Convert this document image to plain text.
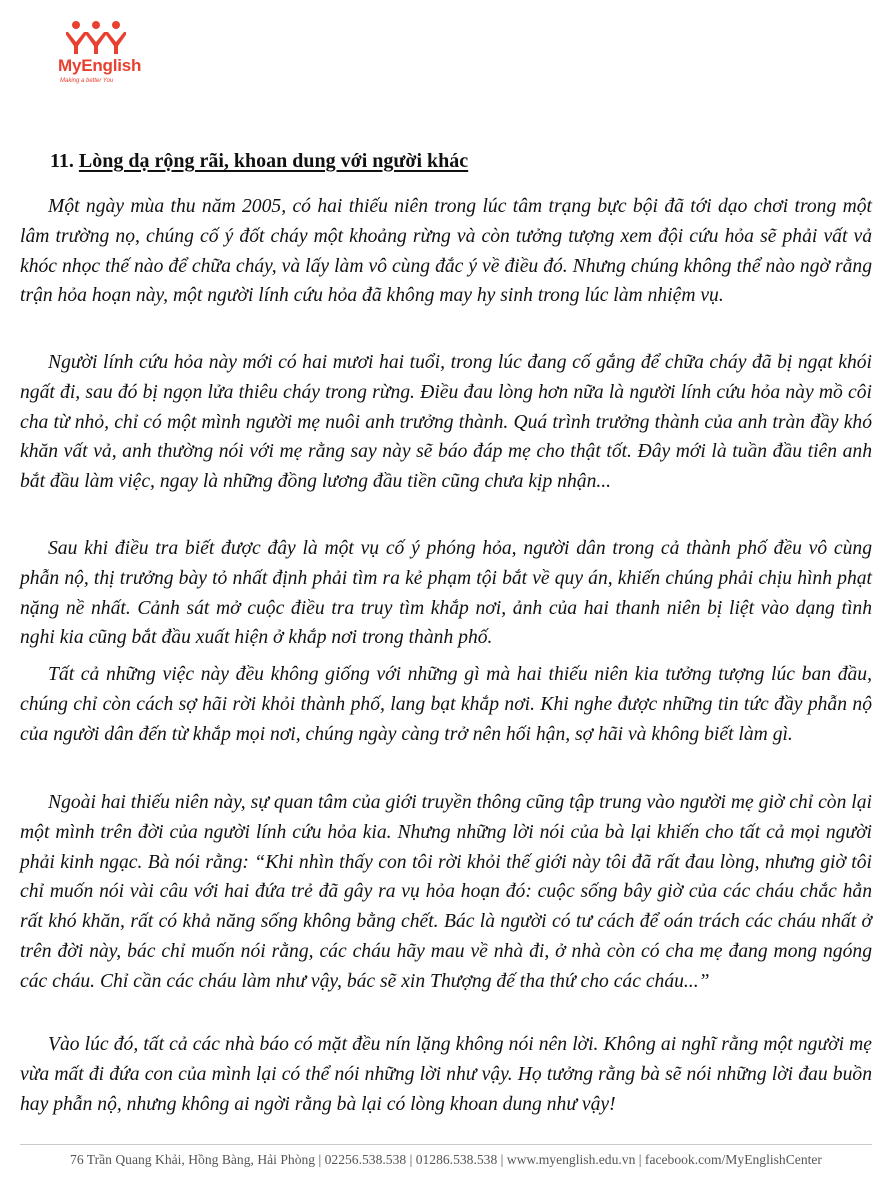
MyEnglish
Making a better You
11. Lòng dạ rộng rãi, khoan dung với người khác

Một ngày mùa thu năm 2005, có hai thiếu niên trong lúc tâm trạng bực bội đã tới dạo chơi trong một lâm trường nọ, chúng cố ý đốt cháy một khoảng rừng và còn tưởng tượng xem đội cứu hỏa sẽ phải vất vả khóc nhọc thế nào để chữa cháy, và lấy làm vô cùng đắc ý về điều đó. Nhưng chúng không thể nào ngờ rằng trận hỏa hoạn này, một người lính cứu hỏa đã không may hy sinh trong lúc làm nhiệm vụ.

Người lính cứu hỏa này mới có hai mươi hai tuổi, trong lúc đang cố gắng để chữa cháy đã bị ngạt khói ngất đi, sau đó bị ngọn lửa thiêu cháy trong rừng. Điều đau lòng hơn nữa là người lính cứu hỏa này mồ côi cha từ nhỏ, chỉ có một mình người mẹ nuôi anh trưởng thành. Quá trình trưởng thành của anh tràn đầy khó khăn vất vả, anh thường nói với mẹ rằng say này sẽ báo đáp mẹ cho thật tốt. Đây mới là tuần đầu tiên anh bắt đầu làm việc, ngay là những đồng lương đầu tiền cũng chưa kịp nhận...

Sau khi điều tra biết được đây là một vụ cố ý phóng hỏa, người dân trong cả thành phố đều vô cùng phẫn nộ, thị trưởng bày tỏ nhất định phải tìm ra kẻ phạm tội bắt về quy án, khiến chúng phải chịu hình phạt nặng nề nhất. Cảnh sát mở cuộc điều tra truy tìm khắp nơi, ảnh của hai thanh niên bị liệt vào dạng tình nghi kia cũng bắt đầu xuất hiện ở khắp nơi trong thành phố.

Tất cả những việc này đều không giống với những gì mà hai thiếu niên kia tưởng tượng lúc ban đầu, chúng chỉ còn cách sợ hãi rời khỏi thành phố, lang bạt khắp nơi. Khi nghe được những tin tức đầy phẫn nộ của người dân đến từ khắp mọi nơi, chúng ngày càng trở nên hối hận, sợ hãi và không biết làm gì.

Ngoài hai thiếu niên này, sự quan tâm của giới truyền thông cũng tập trung vào người mẹ giờ chỉ còn lại một mình trên đời của người lính cứu hỏa kia. Nhưng những lời nói của bà lại khiến cho tất cả mọi người phải kinh ngạc. Bà nói rằng: “Khi nhìn thấy con tôi rời khỏi thế giới này tôi đã rất đau lòng, nhưng giờ tôi chỉ muốn nói vài câu với hai đứa trẻ đã gây ra vụ hỏa hoạn đó: cuộc sống bây giờ của các cháu chắc hẳn rất khó khăn, rất có khả năng sống không bằng chết. Bác là người có tư cách để oán trách các cháu nhất ở trên đời này, bác chỉ muốn nói rằng, các cháu hãy mau về nhà đi, ở nhà còn có cha mẹ đang mong ngóng các cháu. Chỉ cần các cháu làm như vậy, bác sẽ xin Thượng đế tha thứ cho các cháu...”

Vào lúc đó, tất cả các nhà báo có mặt đều nín lặng không nói nên lời. Không ai nghĩ rằng một người mẹ vừa mất đi đứa con của mình lại có thể nói những lời như vậy. Họ tưởng rằng bà sẽ nói những lời đau buồn hay phẫn nộ, nhưng không ai ngời rằng bà lại có lòng khoan dung như vậy!

76 Trần Quang Khải, Hồng Bàng, Hải Phòng | 02256.538.538 | 01286.538.538 | www.myenglish.edu.vn | facebook.com/MyEnglishCenter
